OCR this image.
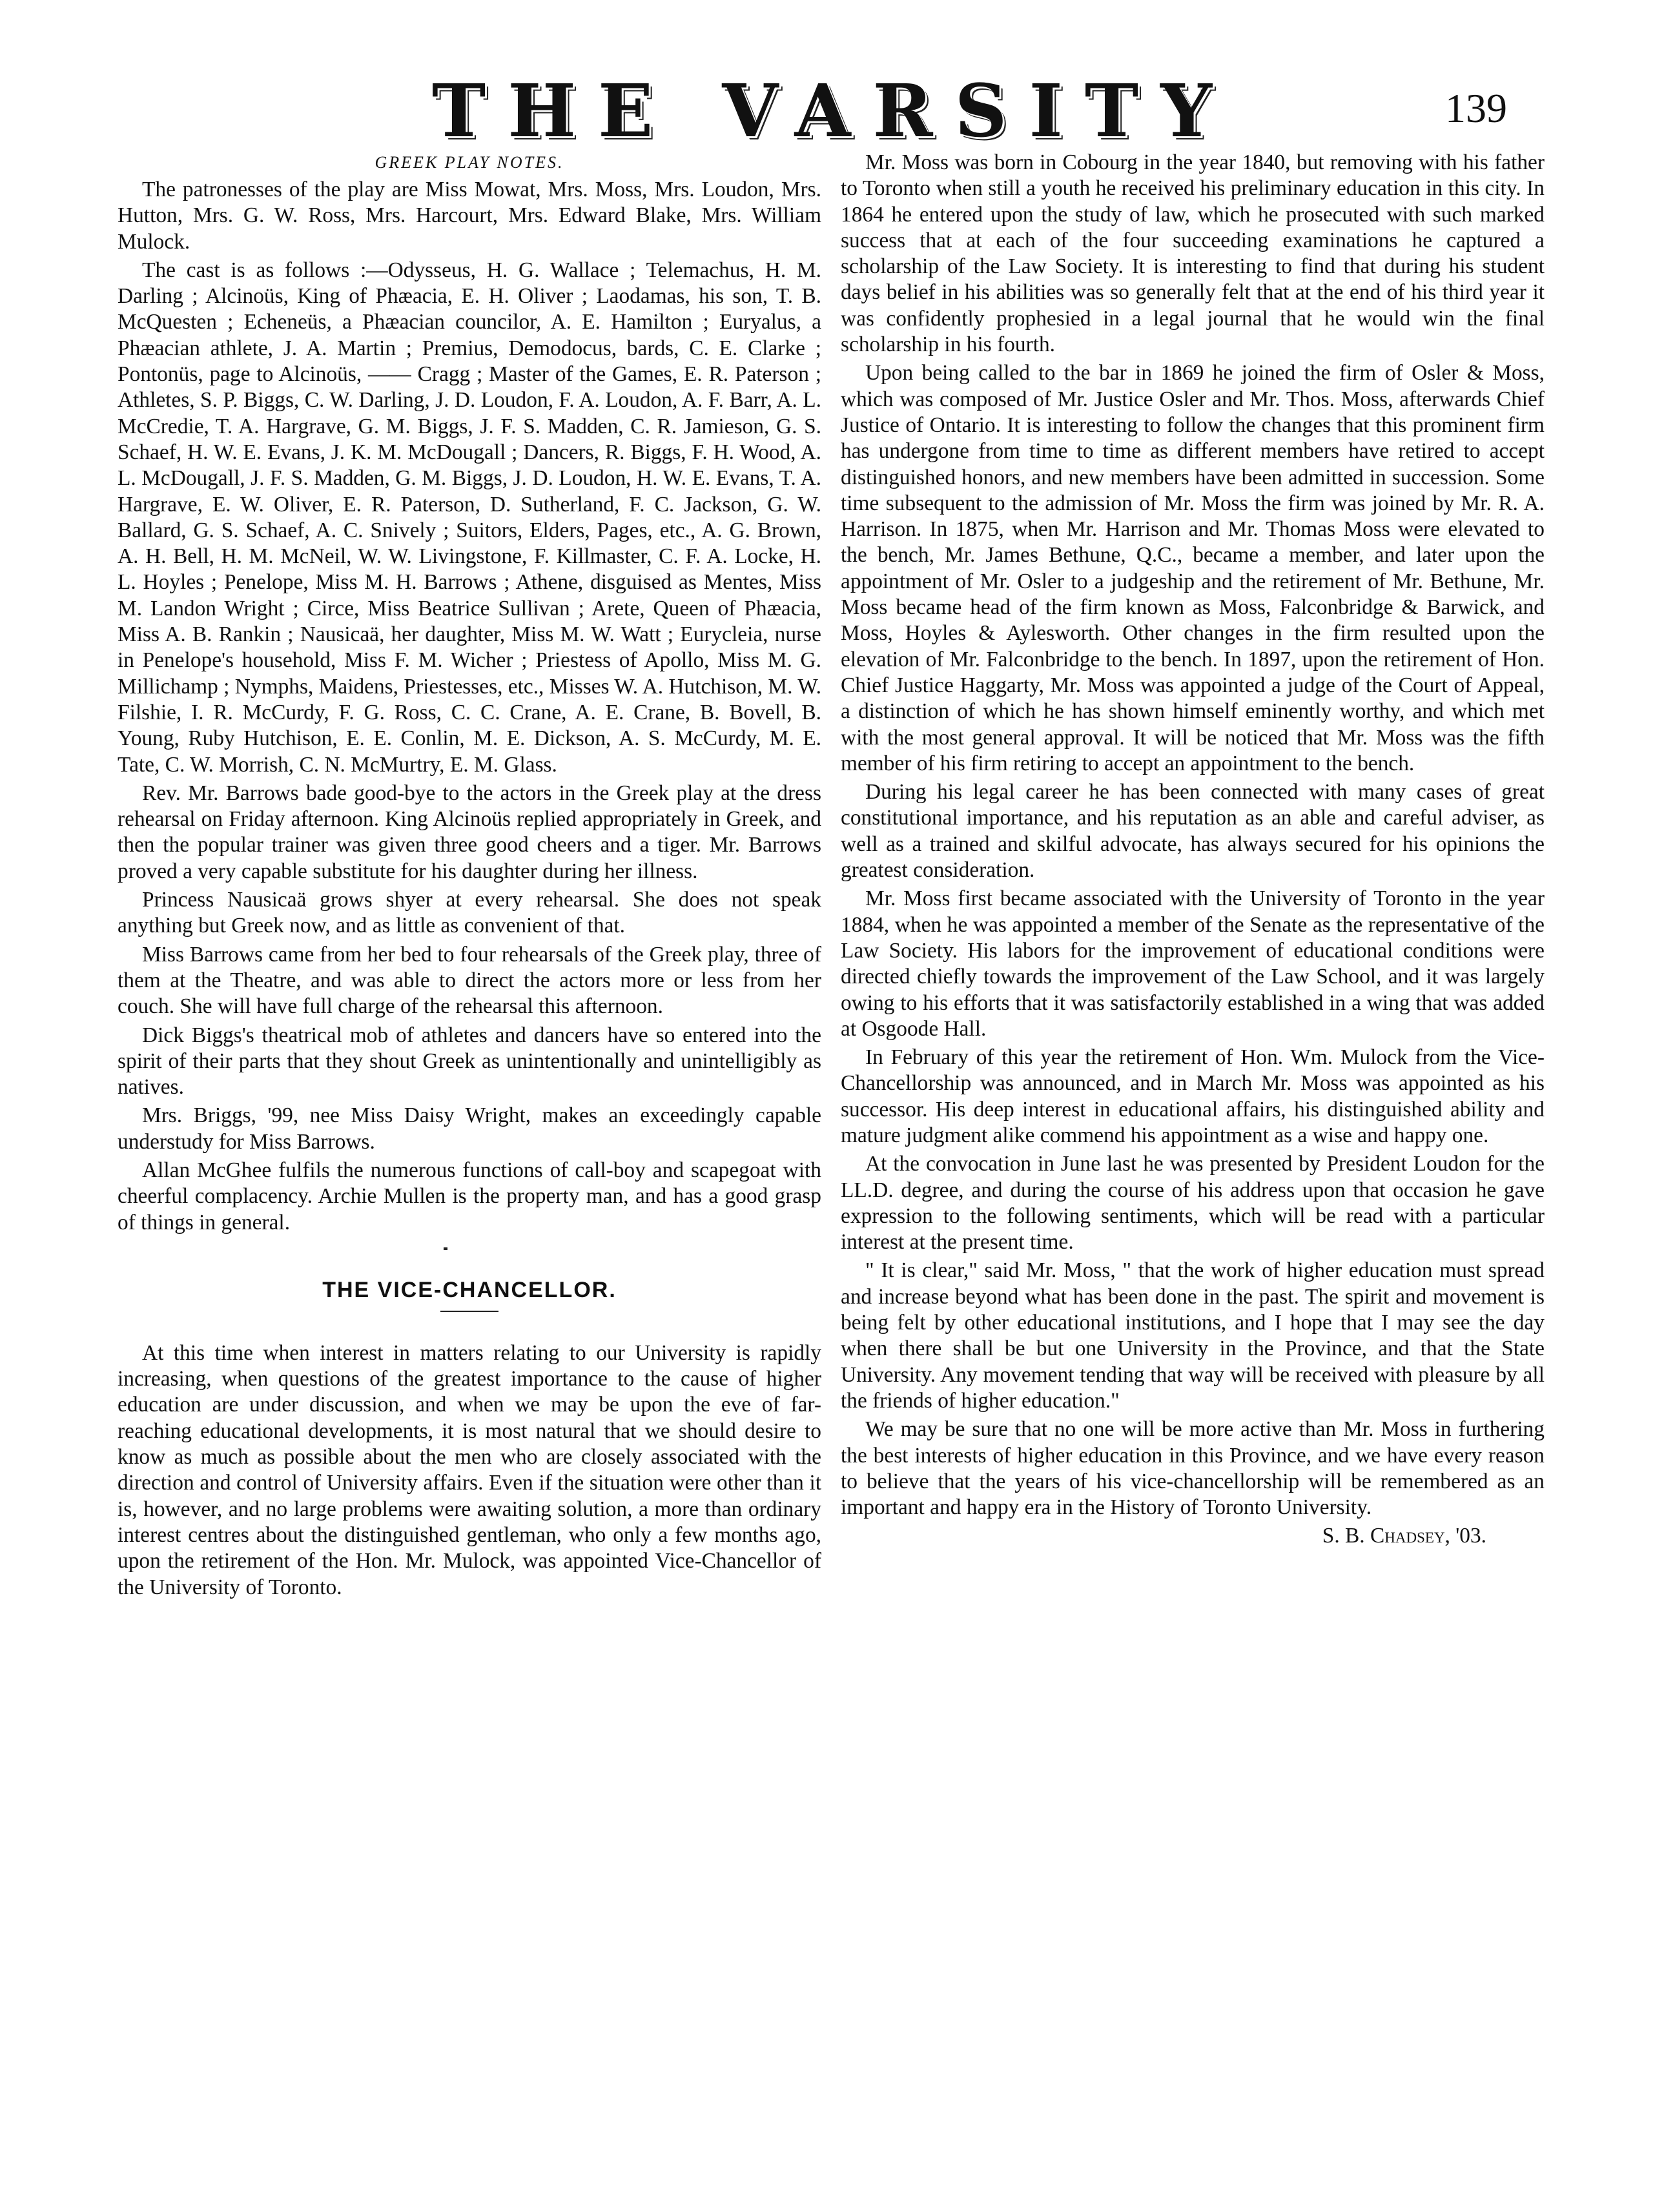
THE VARSITY	139
GREEK PLAY NOTES.

The patronesses of the play are Miss Mowat, Mrs. Moss, Mrs. Loudon, Mrs. Hutton, Mrs. G. W. Ross, Mrs. Harcourt, Mrs. Edward Blake, Mrs. William Mulock.

The cast is as follows :—Odysseus, H. G. Wallace ; Telemachus, H. M. Darling ; Alcinoüs, King of Phæacia, E. H. Oliver ; Laodamas, his son, T. B. McQuesten ; Echeneüs, a Phæacian councilor, A. E. Hamilton ; Euryalus, a Phæacian athlete, J. A. Martin ; Premius, Demodocus, bards, C. E. Clarke ; Pontonüs, page to Alcinoüs, —— Cragg ; Master of the Games, E. R. Paterson ; Athletes, S. P. Biggs, C. W. Darling, J. D. Loudon, F. A. Loudon, A. F. Barr, A. L. McCredie, T. A. Hargrave, G. M. Biggs, J. F. S. Madden, C. R. Jamieson, G. S. Schaef, H. W. E. Evans, J. K. M. McDougall ; Dancers, R. Biggs, F. H. Wood, A. L. McDougall, J. F. S. Madden, G. M. Biggs, J. D. Loudon, H. W. E. Evans, T. A. Hargrave, E. W. Oliver, E. R. Paterson, D. Sutherland, F. C. Jackson, G. W. Ballard, G. S. Schaef, A. C. Snively ; Suitors, Elders, Pages, etc., A. G. Brown, A. H. Bell, H. M. McNeil, W. W. Livingstone, F. Killmaster, C. F. A. Locke, H. L. Hoyles ; Penelope, Miss M. H. Barrows ; Athene, disguised as Mentes, Miss M. Landon Wright ; Circe, Miss Beatrice Sullivan ; Arete, Queen of Phæacia, Miss A. B. Rankin ; Nausicaä, her daughter, Miss M. W. Watt ; Eurycleia, nurse in Penelope's household, Miss F. M. Wicher ; Priestess of Apollo, Miss M. G. Millichamp ; Nymphs, Maidens, Priestesses, etc., Misses W. A. Hutchison, M. W. Filshie, I. R. McCurdy, F. G. Ross, C. C. Crane, A. E. Crane, B. Bovell, B. Young, Ruby Hutchison, E. E. Conlin, M. E. Dickson, A. S. McCurdy, M. E. Tate, C. W. Morrish, C. N. McMurtry, E. M. Glass.

Rev. Mr. Barrows bade good-bye to the actors in the Greek play at the dress rehearsal on Friday afternoon. King Alcinoüs replied appropriately in Greek, and then the popular trainer was given three good cheers and a tiger. Mr. Barrows proved a very capable substitute for his daughter during her illness.

Princess Nausicaä grows shyer at every rehearsal. She does not speak anything but Greek now, and as little as convenient of that.

Miss Barrows came from her bed to four rehearsals of the Greek play, three of them at the Theatre, and was able to direct the actors more or less from her couch. She will have full charge of the rehearsal this afternoon.

Dick Biggs's theatrical mob of athletes and dancers have so entered into the spirit of their parts that they shout Greek as unintentionally and unintelligibly as natives.

Mrs. Briggs, '99, nee Miss Daisy Wright, makes an exceedingly capable understudy for Miss Barrows.

Allan McGhee fulfils the numerous functions of call-boy and scapegoat with cheerful complacency. Archie Mullen is the property man, and has a good grasp of things in general.

THE VICE-CHANCELLOR.

At this time when interest in matters relating to our University is rapidly increasing, when questions of the greatest importance to the cause of higher education are under discussion, and when we may be upon the eve of far-reaching educational developments, it is most natural that we should desire to know as much as possible about the men who are closely associated with the direction and control of University affairs. Even if the situation were other than it is, however, and no large problems were awaiting solution, a more than ordinary interest centres about the distinguished gentleman, who only a few months ago, upon the retirement of the Hon. Mr. Mulock, was appointed Vice-Chancellor of the University of Toronto.

Mr. Moss was born in Cobourg in the year 1840, but removing with his father to Toronto when still a youth he received his preliminary education in this city. In 1864 he entered upon the study of law, which he prosecuted with such marked success that at each of the four succeeding examinations he captured a scholarship of the Law Society. It is interesting to find that during his student days belief in his abilities was so generally felt that at the end of his third year it was confidently prophesied in a legal journal that he would win the final scholarship in his fourth.

Upon being called to the bar in 1869 he joined the firm of Osler & Moss, which was composed of Mr. Justice Osler and Mr. Thos. Moss, afterwards Chief Justice of Ontario. It is interesting to follow the changes that this prominent firm has undergone from time to time as different members have retired to accept distinguished honors, and new members have been admitted in succession. Some time subsequent to the admission of Mr. Moss the firm was joined by Mr. R. A. Harrison. In 1875, when Mr. Harrison and Mr. Thomas Moss were elevated to the bench, Mr. James Bethune, Q.C., became a member, and later upon the appointment of Mr. Osler to a judgeship and the retirement of Mr. Bethune, Mr. Moss became head of the firm known as Moss, Falconbridge & Barwick, and Moss, Hoyles & Aylesworth. Other changes in the firm resulted upon the elevation of Mr. Falconbridge to the bench. In 1897, upon the retirement of Hon. Chief Justice Haggarty, Mr. Moss was appointed a judge of the Court of Appeal, a distinction of which he has shown himself eminently worthy, and which met with the most general approval. It will be noticed that Mr. Moss was the fifth member of his firm retiring to accept an appointment to the bench.

During his legal career he has been connected with many cases of great constitutional importance, and his reputation as an able and careful adviser, as well as a trained and skilful advocate, has always secured for his opinions the greatest consideration.

Mr. Moss first became associated with the University of Toronto in the year 1884, when he was appointed a member of the Senate as the representative of the Law Society. His labors for the improvement of educational conditions were directed chiefly towards the improvement of the Law School, and it was largely owing to his efforts that it was satisfactorily established in a wing that was added at Osgoode Hall.

In February of this year the retirement of Hon. Wm. Mulock from the Vice-Chancellorship was announced, and in March Mr. Moss was appointed as his successor. His deep interest in educational affairs, his distinguished ability and mature judgment alike commend his appointment as a wise and happy one.

At the convocation in June last he was presented by President Loudon for the LL.D. degree, and during the course of his address upon that occasion he gave expression to the following sentiments, which will be read with a particular interest at the present time.

" It is clear," said Mr. Moss, " that the work of higher education must spread and increase beyond what has been done in the past. The spirit and movement is being felt by other educational institutions, and I hope that I may see the day when there shall be but one University in the Province, and that the State University. Any movement tending that way will be received with pleasure by all the friends of higher education."

We may be sure that no one will be more active than Mr. Moss in furthering the best interests of higher education in this Province, and we have every reason to believe that the years of his vice-chancellorship will be remembered as an important and happy era in the History of Toronto University.

S. B. Chadsey, '03.
